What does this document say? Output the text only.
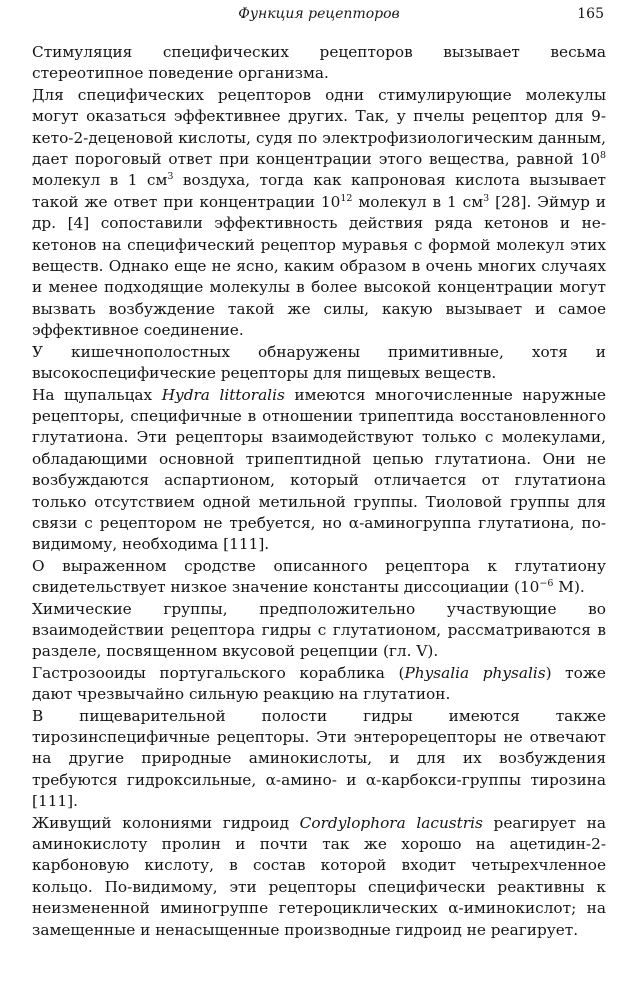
Функция рецепторов	165

Стимуляция специфических рецепторов вызывает весьма стереотипное поведение организма.

Для специфических рецепторов одни стимулирующие молекулы могут оказаться эффективнее других. Так, у пчелы рецептор для 9-кето-2-деценовой кислоты, судя по электрофизиологическим данным, дает пороговый ответ при концентрации этого вещества, равной $10^8$ молекул в 1 $см^3$ воздуха, тогда как капроновая кислота вызывает такой же ответ при концентрации $10^{12}$ молекул в 1 $см^3$ [28]. Эймур и др. [4] сопоставили эффективность действия ряда кетонов и не-кетонов на специфический рецептор муравья с формой молекул этих веществ. Однако еще не ясно, каким образом в очень многих случаях и менее подходящие молекулы в более высокой концентрации могут вызвать возбуждение такой же силы, какую вызывает и самое эффективное соединение.

У кишечнополостных обнаружены примитивные, хотя и высокоспецифические рецепторы для пищевых веществ.

На щупальцах Hydra littoralis имеются многочисленные наружные рецепторы, специфичные в отношении трипептида восстановленного глутатиона. Эти рецепторы взаимодействуют только с молекулами, обладающими основной трипептидной цепью глутатиона. Они не возбуждаются аспартионом, который отличается от глутатиона только отсутствием одной метильной группы. Тиоловой группы для связи с рецептором не требуется, но α-аминогруппа глутатиона, по-видимому, необходима [111].

О выраженном сродстве описанного рецептора к глутатиону свидетельствует низкое значение константы диссоциации ($10^{-6}$ M).

Химические группы, предположительно участвующие во взаимодействии рецептора гидры с глутатионом, рассматриваются в разделе, посвященном вкусовой рецепции (гл. V).

Гастрозооиды португальского кораблика (Physalia physalis) тоже дают чрезвычайно сильную реакцию на глутатион.

В пищеварительной полости гидры имеются также тирозинспецифичные рецепторы. Эти энтерорецепторы не отвечают на другие природные аминокислоты, и для их возбуждения требуются гидроксильные, α-амино- и α-карбокси-группы тирозина [111].

Живущий колониями гидроид Cordylophora lacustris реагирует на аминокислоту пролин и почти так же хорошо на ацетидин-2-карбоновую кислоту, в состав которой входит четырехчленное кольцо. По-видимому, эти рецепторы специфически реактивны к неизмененной иминогруппе гетероциклических α-иминокислот; на замещенные и ненасыщенные производные гидроид не реагирует.
